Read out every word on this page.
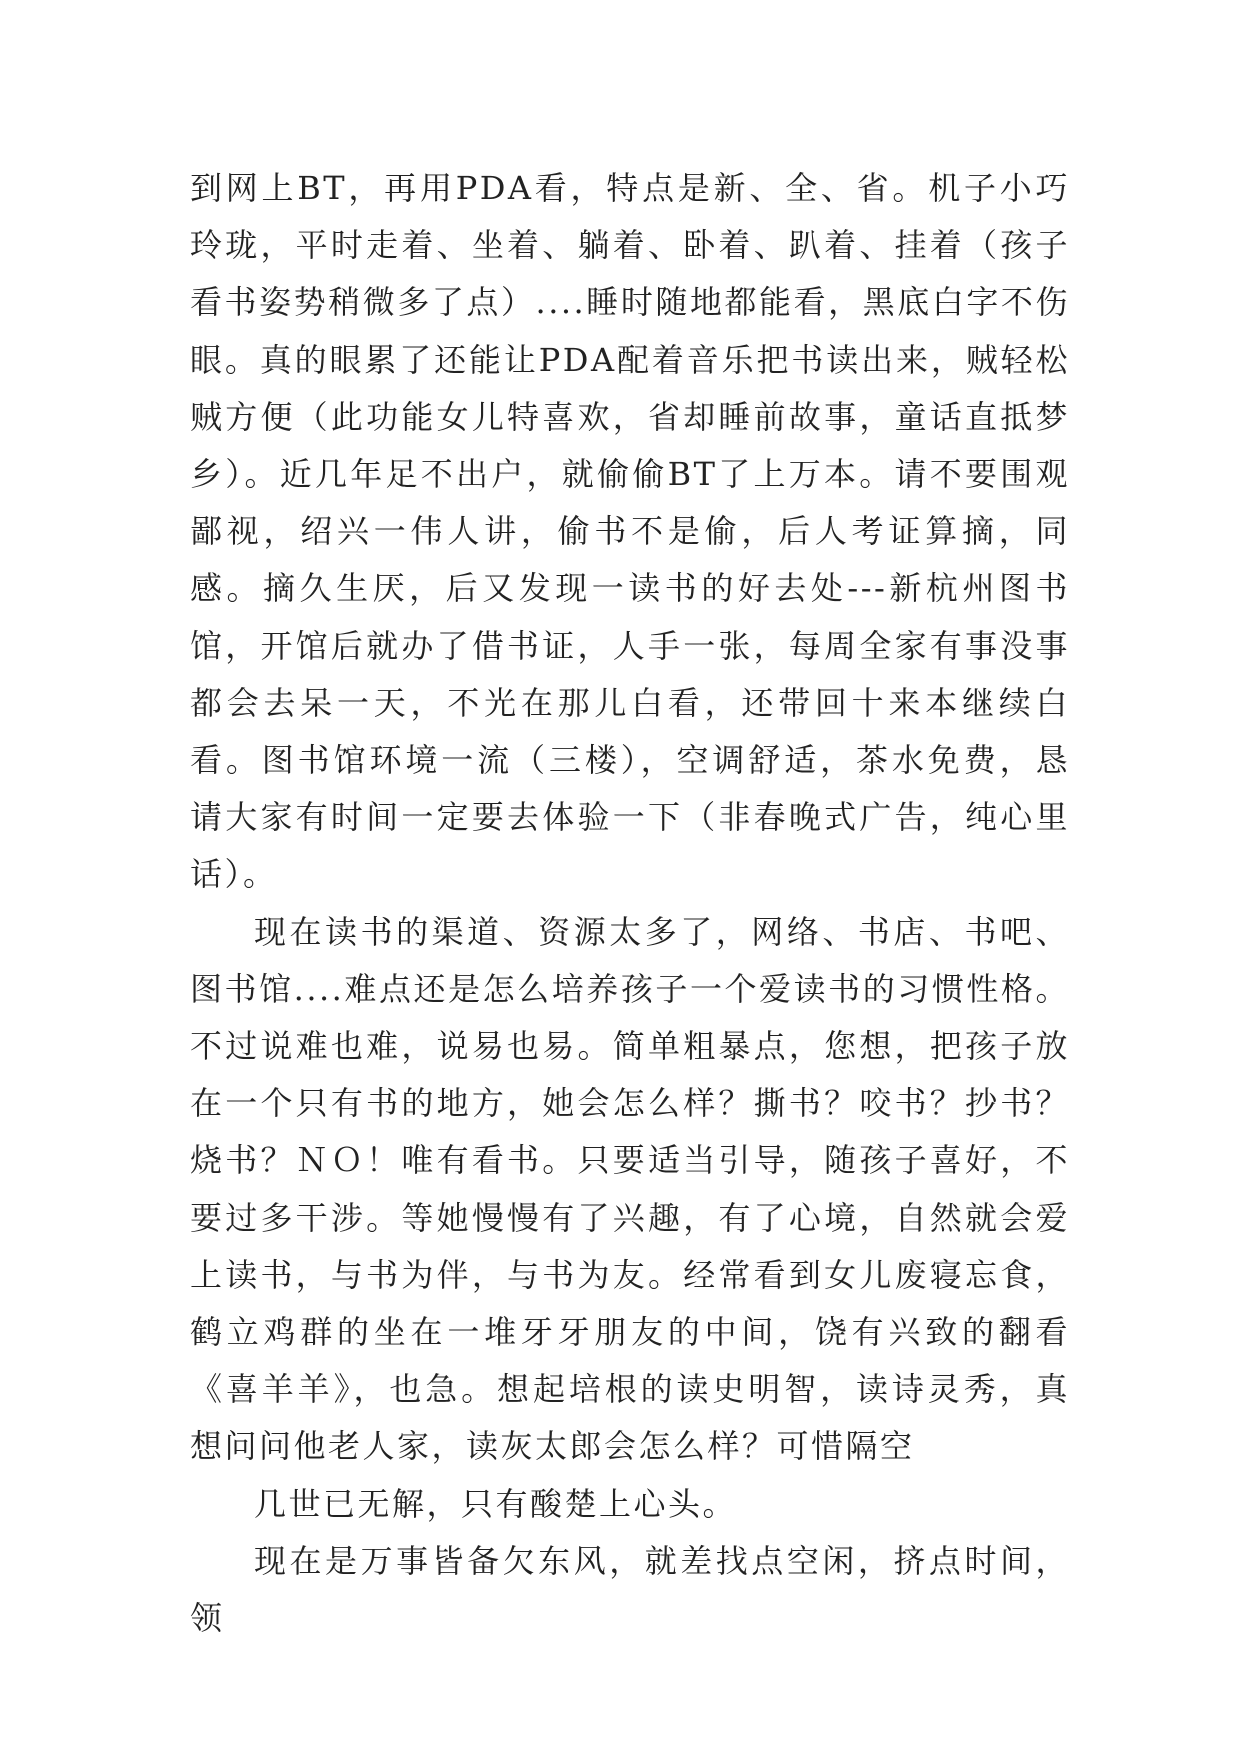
到网上BT，再用PDA看，特点是新、全、省。机子小巧玲珑，平时走着、坐着、躺着、卧着、趴着、挂着（孩子看书姿势稍微多了点）....睡时随地都能看，黑底白字不伤眼。真的眼累了还能让PDA配着音乐把书读出来，贼轻松贼方便（此功能女儿特喜欢，省却睡前故事，童话直抵梦乡）。近几年足不出户，就偷偷BT了上万本。请不要围观鄙视，绍兴一伟人讲，偷书不是偷，后人考证算摘，同感。摘久生厌，后又发现一读书的好去处---新杭州图书馆，开馆后就办了借书证，人手一张，每周全家有事没事都会去呆一天，不光在那儿白看，还带回十来本继续白看。图书馆环境一流（三楼），空调舒适，茶水免费，恳请大家有时间一定要去体验一下（非春晚式广告，纯心里话）。

现在读书的渠道、资源太多了，网络、书店、书吧、图书馆....难点还是怎么培养孩子一个爱读书的习惯性格。不过说难也难，说易也易。简单粗暴点，您想，把孩子放在一个只有书的地方，她会怎么样？撕书？咬书？抄书？烧书？ＮＯ！唯有看书。只要适当引导，随孩子喜好，不要过多干涉。等她慢慢有了兴趣，有了心境，自然就会爱上读书，与书为伴，与书为友。经常看到女儿废寝忘食，鹤立鸡群的坐在一堆牙牙朋友的中间，饶有兴致的翻看《喜羊羊》，也急。想起培根的读史明智，读诗灵秀，真想问问他老人家，读灰太郎会怎么样？可惜隔空

几世已无解，只有酸楚上心头。

现在是万事皆备欠东风，就差找点空闲，挤点时间，领
